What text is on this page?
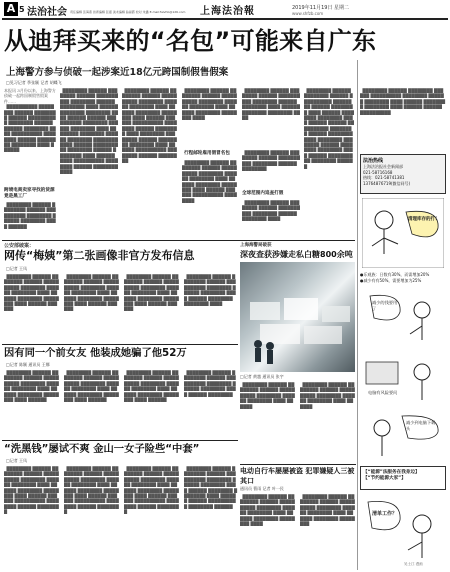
A 5 法治社会 责任编辑 张海燕 首席编辑 张嘉 美术编辑 翁丽霞 校对 朱鑫 E-mail:falvhb@126.com	上海法治報	2019年11月19日 星期二
www.shfzb.com
从迪拜买来的“名包”可能来自广东
上海警方参与侦破一起涉案近18亿元跨国制假售假案
□见习记者 季张颖 记者 胡蝶飞

本报讯 3月份以来，上海警方侦破一起跨国制假售假案件……

██████████ ████████ ██████ ████████ ██████ ██████████ ████████ ██████ ██████ ████████ ████ ██████████ ████████ ██████ ████████ ████████ ████ ██████

跨境电商卖家寻找的货源竟是黑工厂

████████ ██████ ████████ ██████ ██████████ ████████ ██████ ████████ ████ ██████

████████ ██████ ████████ ██████ ██████████ ████████ ██████ ████████ ████ ██████ ████████ ████████ ████ ██████ ██████ ██████████ ████████ ██████ ████████ ████ ████████ ████████ ██████ ████████ ████████ ████ ██████ ██████████ ████████ ██████ ████████ ████ ██████ ████ ██████████ ████████ ██████ ████████ ████

████████ ██████ ████████ ██████ ██████████ ████████ ██████ ████████ ████ ██████ ████████ ████████ ████ ██████ ██████ ██████████ ████████ ██████ ████████ ████ ████████ ████████ ██████ ████████ ████████ ████ ██████ ██████████ ████████ ██████ ████████

████████ ██████ ████████ ██████ ██████████ ████████ ██████ ████████ ████ ██████ ████████ ████████ ████

行程邮轮雇用假冒名包

████████ ██████ ████████ ██████ ██████████ ████████ ██████ ████████ ████ ██████ ████████ ████████ ████ ██████ ██████ ██████████ ████████

████████ ██████ ████████ ██████ ██████████ ████████ ██████ ████████ ████ ██████ ████████ ████████ ████

全球范围内追查打假

████████ ██████ ████████ ██████ ██████████ ████████ ██████ ████████

████████ ██████ ████████ ██████ ██████████ ████████ ██████ ████████ ████

████████ ██████ ████████ ██████ ██████████ ████████ ██████ ████████ ████ ██████ ████████ ████████ ████ ██████ ██████ ██████████ ████████ ██████ ████████ ████ ████████ ████████ ██████ ████████ ████████ ████ ██████ ██████████ ████████ ██████

████████ ██████ ████████ ██████ ██████████ ████████ ██████ ████████ ████ ██████ ████████ ████████ ████ ██████ ██████ ██████████

法治热线
上海法治报社会新闻部
021-58716168
热线：021-58741381
13764876719(微信同号)
清理库存的打！
●乐观族：日数有30%，而需增加20%
●减少有有50%，需要增加为25%
减少的钱要用了
电脑有风险要问
减少到电脑下载头
【“能源”法服务在我身边】
【“节约能源大家”】
清单工作？
公安部破案：
网传“梅姨”第二张画像非官方发布信息
□记者 王凤

████████ ██████ ████████ ██████ ██████████ ████████ ██████ ████████ ████ ██████ ████████ ████████ ████ ██████ ██████

████████ ██████ ████████ ██████ ██████████ ████████ ██████ ████████ ████ ██████ ████████ ████████ ████ ██████ ██████

████████ ██████ ████████ ██████ ██████████ ████████ ██████ ████████ ████ ██████ ████████ ████████ ████ ██████ ██████

████████ ██████ ████████ ██████ ██████████ ████████ ██████ ████████ ████ ██████ ████████ ████████ ████

上海海警局破获
深夜查获涉嫌走私白糖800余吨
□记者 黄越 通讯员 张宇
因有同一个前女友 他装成她骗了他52万
□记者 陈颖 通讯员 王娜

████████ ██████ ████████ ██████ ██████████ ████████ ██████ ████████ ████ ██████ ████████ ████████ ████ ██████

████████ ██████ ████████ ██████ ██████████ ████████ ██████ ████████ ████ ██████ ████████ ████████ ████ ██████

████████ ██████ ████████ ██████ ██████████ ████████ ██████ ████████ ████ ██████ ████████ ████████ ████ ██████

████████ ██████ ████████ ██████ ██████████ ████████ ██████ ████████ ████ ██████ ████████

████████ ██████ ████████ ██████ ██████████ ████████ ██████ ████████ ████ ██████

████████ ██████ ████████ ██████ ██████████ ████████ ██████ ████████ ████ ██████

“洗黑钱”屡试不爽 金山一女子险些“中套”
□记者 王凤

████████ ██████ ████████ ██████ ██████████ ████████ ██████ ████████ ████ ██████ ████████ ████████ ████ ██████ ██████ ██████████ ████████ ██████ ████████

████████ ██████ ████████ ██████ ██████████ ████████ ██████ ████████ ████ ██████ ████████ ████████ ████ ██████ ██████ ██████████ ████████ ██████ ████████

████████ ██████ ████████ ██████ ██████████ ████████ ██████ ████████ ████ ██████ ████████ ████████ ████ ██████ ██████ ██████████ ████████ ██████ ████████

████████ ██████ ████████ ██████ ██████████ ████████ ██████ ████████ ████ ██████ ████████ ████████ ████ ██████ ██████ ██████████ ████████ ██████

电动自行车屡屡被盗 犯罪嫌疑人三被其口
通讯员 曹雨 记者 叶一民

████████ ██████ ████████ ██████ ██████████ ████████ ██████ ████████ ████ ██████ ████████ ████████ ████

████████ ██████ ████████ ██████ ██████████ ████████ ██████ ████████ ████ ██████ ████████ ████████

吴士江 漫画
